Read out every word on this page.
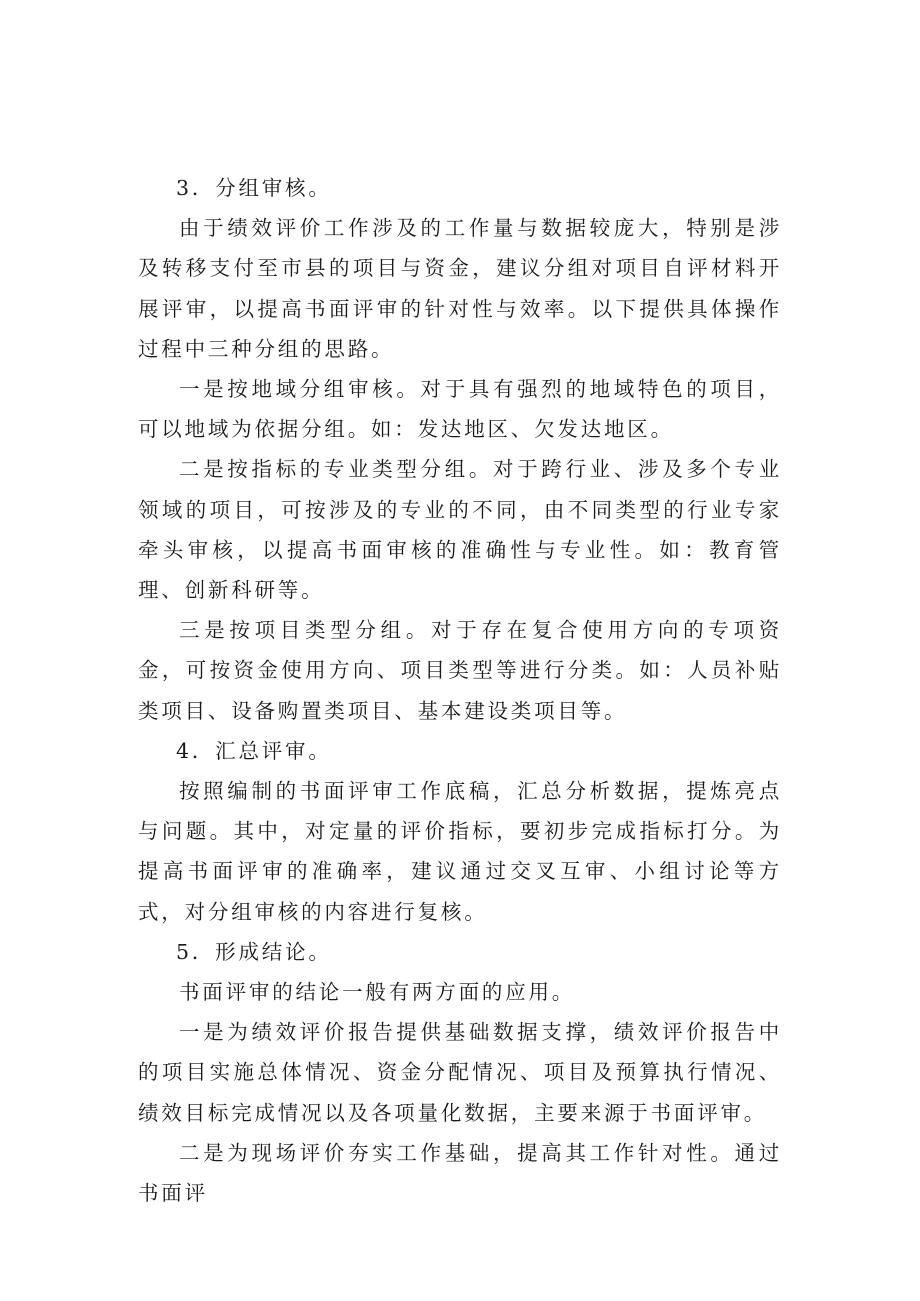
3．分组审核。

由于绩效评价工作涉及的工作量与数据较庞大，特别是涉及转移支付至市县的项目与资金，建议分组对项目自评材料开展评审，以提高书面评审的针对性与效率。以下提供具体操作过程中三种分组的思路。

一是按地域分组审核。对于具有强烈的地域特色的项目，可以地域为依据分组。如：发达地区、欠发达地区。

二是按指标的专业类型分组。对于跨行业、涉及多个专业领域的项目，可按涉及的专业的不同，由不同类型的行业专家牵头审核，以提高书面审核的准确性与专业性。如：教育管理、创新科研等。

三是按项目类型分组。对于存在复合使用方向的专项资金，可按资金使用方向、项目类型等进行分类。如：人员补贴类项目、设备购置类项目、基本建设类项目等。

4．汇总评审。

按照编制的书面评审工作底稿，汇总分析数据，提炼亮点与问题。其中，对定量的评价指标，要初步完成指标打分。为提高书面评审的准确率，建议通过交叉互审、小组讨论等方式，对分组审核的内容进行复核。

5．形成结论。

书面评审的结论一般有两方面的应用。

一是为绩效评价报告提供基础数据支撑，绩效评价报告中的项目实施总体情况、资金分配情况、项目及预算执行情况、绩效目标完成情况以及各项量化数据，主要来源于书面评审。

二是为现场评价夯实工作基础，提高其工作针对性。通过书面评
